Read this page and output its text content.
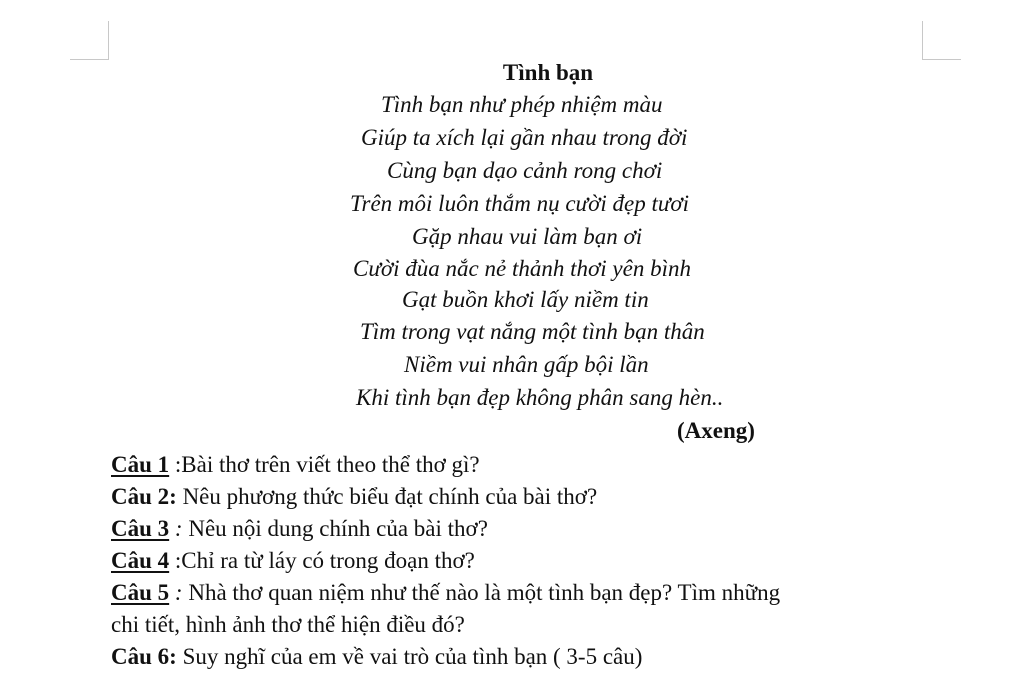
Tình bạn
Tình bạn như phép nhiệm màu
Giúp ta xích lại gần nhau trong đời
Cùng bạn dạo cảnh rong chơi
Trên môi luôn thắm nụ cười đẹp tươi
Gặp nhau vui làm bạn ơi
Cười đùa nắc nẻ thảnh thơi yên bình
Gạt buồn khơi lấy niềm tin
Tìm trong vạt nắng một tình bạn thân
Niềm vui nhân gấp bội lần
Khi tình bạn đẹp không phân sang hèn..
(Axeng)
Câu 1 :Bài thơ trên viết theo thể thơ gì?
Câu 2: Nêu phương thức biểu đạt chính của bài thơ?
Câu 3 : Nêu nội dung chính của bài thơ?
Câu 4 :Chỉ ra từ láy có trong đoạn thơ?
Câu 5 : Nhà thơ quan niệm như thế nào là một tình bạn đẹp? Tìm những
chi tiết, hình ảnh thơ thể hiện điều đó?
Câu 6: Suy nghĩ của em về vai trò của tình bạn ( 3-5 câu)
